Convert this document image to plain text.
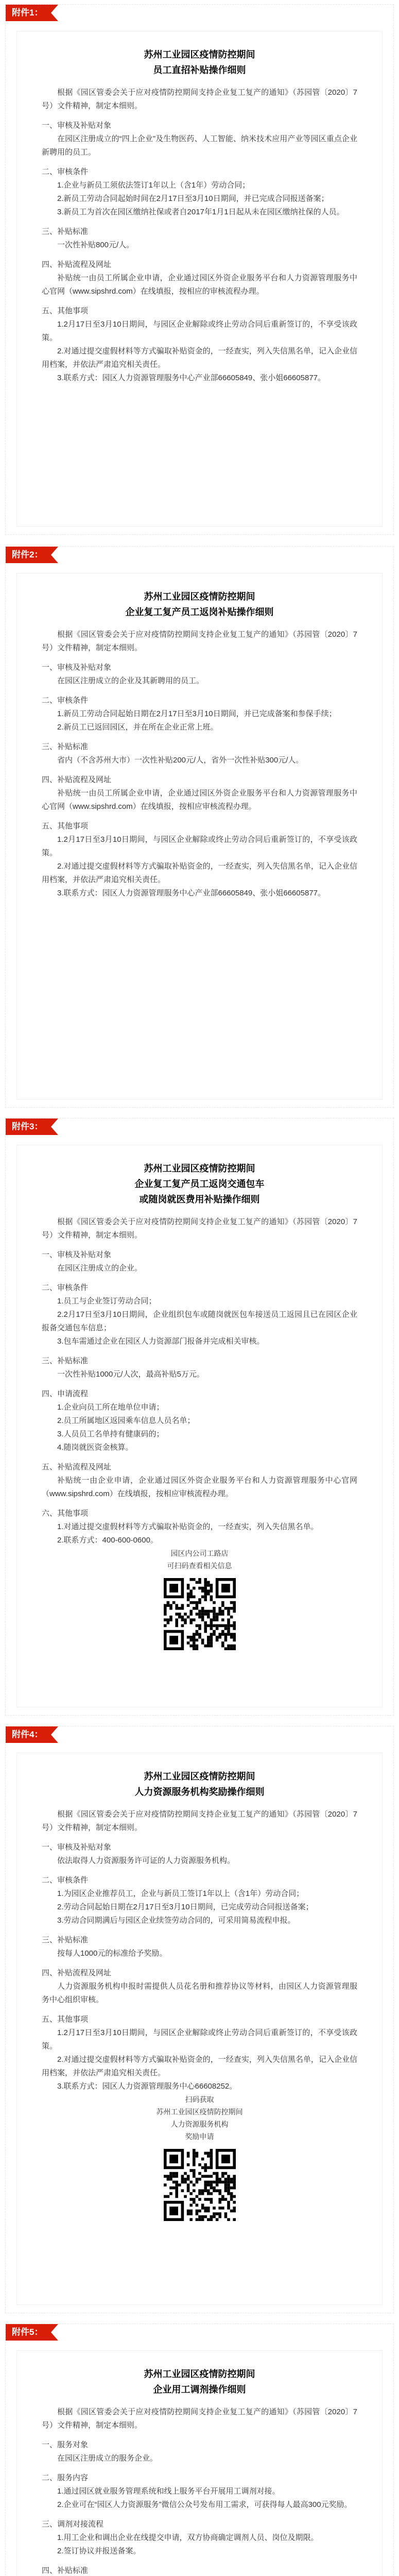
附件1：
苏州工业园区疫情防控期间
员工直招补贴操作细则

根据《园区管委会关于应对疫情防控期间支持企业复工复产的通知》（苏园管〔2020〕7号）文件精神，制定本细则。

一、审核及补贴对象

在园区注册成立的“四上企业”及生物医药、人工智能、纳米技术应用产业等园区重点企业新聘用的员工。

二、审核条件

1.企业与新员工须依法签订1年以上（含1年）劳动合同；

2.新员工劳动合同起始时间在2月17日至3月10日期间，并已完成合同报送备案；

3.新员工为首次在园区缴纳社保或者自2017年1月1日起从未在园区缴纳社保的人员。

三、补贴标准

一次性补贴800元/人。

四、补贴流程及网址

补贴统一由员工所属企业申请，企业通过园区外资企业服务平台和人力资源管理服务中心官网（www.sipshrd.com）在线填报，按相应的审核流程办理。

五、其他事项

1.2月17日至3月10日期间，与园区企业解除或终止劳动合同后重新签订的，不享受该政策。

2.对通过提交虚假材料等方式骗取补贴资金的，一经查实，列入失信黑名单，记入企业信用档案，并依法严肃追究相关责任。

3.联系方式：园区人力资源管理服务中心产业部66605849、张小姐66605877。

附件2：
苏州工业园区疫情防控期间
企业复工复产员工返岗补贴操作细则

根据《园区管委会关于应对疫情防控期间支持企业复工复产的通知》（苏园管〔2020〕7号）文件精神，制定本细则。

一、审核及补贴对象

在园区注册成立的企业及其新聘用的员工。

二、审核条件

1.新员工劳动合同起始日期在2月17日至3月10日期间，并已完成备案和参保手续；

2.新员工已返回园区，并在所在企业正常上班。

三、补贴标准

省内（不含苏州大市）一次性补贴200元/人，省外一次性补贴300元/人。

四、补贴流程及网址

补贴统一由员工所属企业申请，企业通过园区外资企业服务平台和人力资源管理服务中心官网（www.sipshrd.com）在线填报，按相应审核流程办理。

五、其他事项

1.2月17日至3月10日期间，与园区企业解除或终止劳动合同后重新签订的，不享受该政策。

2.对通过提交虚假材料等方式骗取补贴资金的，一经查实，列入失信黑名单，记入企业信用档案，并依法严肃追究相关责任。

3.联系方式：园区人力资源管理服务中心产业部66605849、张小姐66605877。

附件3：
苏州工业园区疫情防控期间
企业复工复产员工返岗交通包车
或随岗就医费用补贴操作细则

根据《园区管委会关于应对疫情防控期间支持企业复工复产的通知》（苏园管〔2020〕7号）文件精神，制定本细则。

一、审核及补贴对象

在园区注册成立的企业。

二、审核条件

1.员工与企业签订劳动合同；

2.2月17日至3月10日期间，企业组织包车或随岗就医包车接送员工返园且已在园区企业报备交通包车信息；

3.包车需通过企业在园区人力资源部门报备并完成相关审核。

三、补贴标准

一次性补贴1000元/人次，最高补贴5万元。

四、申请流程

1.企业向员工所在地单位申请；

2.员工所属地区返园乘车信息人员名单；

3.人员员工名单持有健康码的；

4.随岗就医资金核算。

五、补贴流程及网址

补贴统一由企业申请，企业通过园区外资企业服务平台和人力资源管理服务中心官网（www.sipshrd.com）在线填报，按相应审核流程办理。

六、其他事项

1.对通过提交虚假材料等方式骗取补贴资金的，一经查实，列入失信黑名单。

2.联系方式：400-600-0600。

园区内公司工路店
可扫码查看相关信息
附件4：
苏州工业园区疫情防控期间
人力资源服务机构奖励操作细则

根据《园区管委会关于应对疫情防控期间支持企业复工复产的通知》（苏园管〔2020〕7号）文件精神，制定本细则。

一、审核及补贴对象

依法取得人力资源服务许可证的人力资源服务机构。

二、审核条件

1.为园区企业推荐员工，企业与新员工签订1年以上（含1年）劳动合同；

2.劳动合同起始日期在2月17日至3月10日期间，已完成劳动合同报送备案；

3.劳动合同期满后与园区企业续签劳动合同的，可采用简易流程申报。

三、补贴标准

按每人1000元的标准给予奖励。

四、补贴流程及网址

人力资源服务机构申报时需提供人员花名册和推荐协议等材料，由园区人力资源管理服务中心组织审核。

五、其他事项

1.2月17日至3月10日期间，与园区企业解除或终止劳动合同后重新签订的，不享受该政策。

2.对通过提交虚假材料等方式骗取补贴资金的，一经查实，列入失信黑名单，记入企业信用档案，并依法严肃追究相关责任。

3.联系方式：园区人力资源管理服务中心66608252。

扫码获取
苏州工业园区疫情防控期间
人力资源服务机构
奖励申请
附件5：
苏州工业园区疫情防控期间
企业用工调剂操作细则

根据《园区管委会关于应对疫情防控期间支持企业复工复产的通知》（苏园管〔2020〕7号）文件精神，制定本细则。

一、服务对象

在园区注册成立的服务企业。

二、服务内容

1.通过园区就业服务管理系统和线上服务平台开展用工调剂对接。

2.企业可在“园区人力资源服务”微信公众号发布用工需求，可获得每人最高300元奖励。

三、调剂对接流程

1.用工企业和调出企业在线提交申请，双方协商确定调剂人员、岗位及期限。

2.签订协议并报送备案。

四、补贴标准
